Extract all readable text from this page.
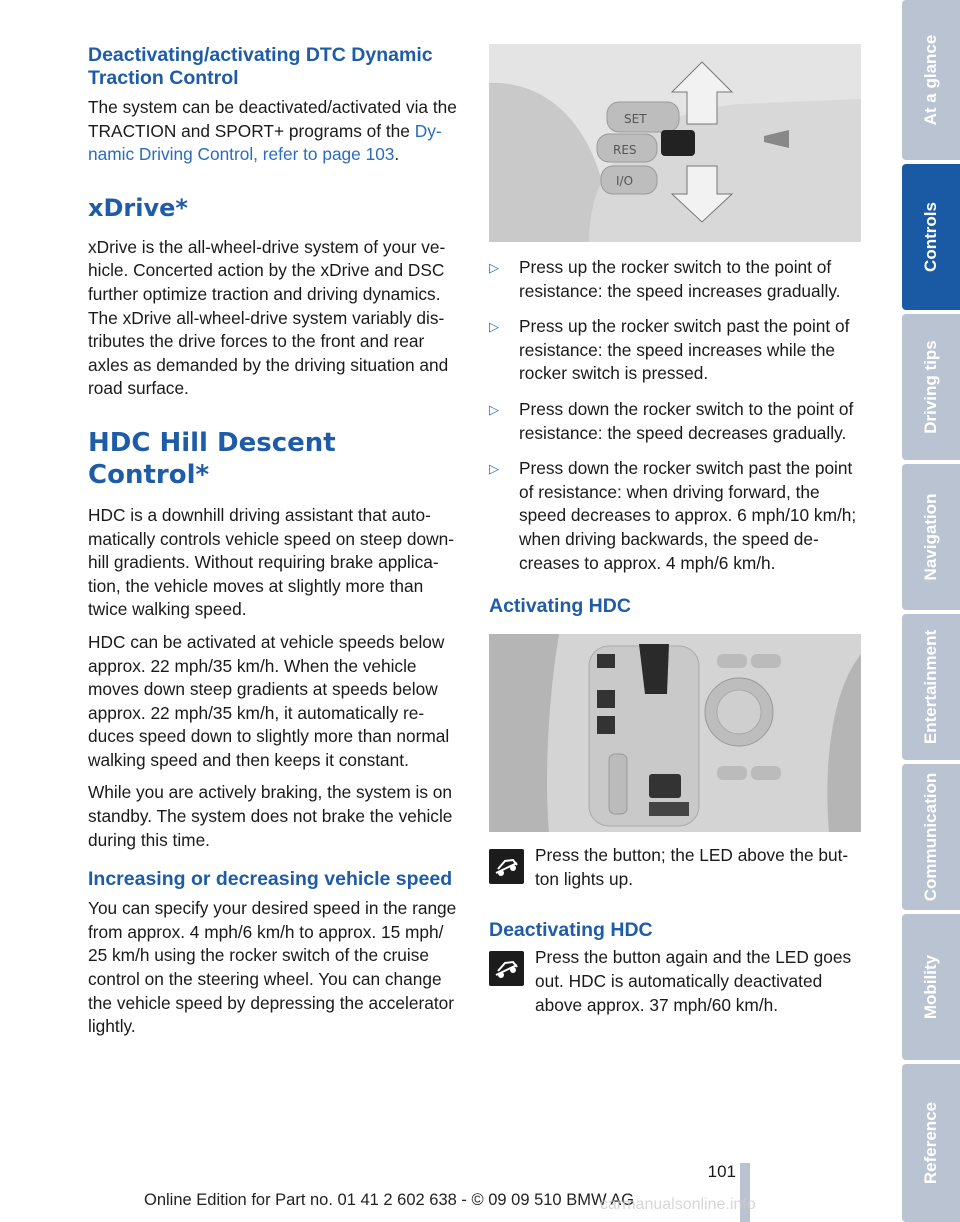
Deactivating/activating DTC Dynamic Traction Control

The system can be deactivated/activated via the TRACTION and SPORT+ programs of the Dy-namic Driving Control, refer to page 103.

xDrive*

xDrive is the all-wheel-drive system of your ve-hicle. Concerted action by the xDrive and DSC further optimize traction and driving dynamics. The xDrive all-wheel-drive system variably dis-tributes the drive forces to the front and rear axles as demanded by the driving situation and road surface.

HDC Hill Descent Control*

HDC is a downhill driving assistant that auto-matically controls vehicle speed on steep down-hill gradients. Without requiring brake applica-tion, the vehicle moves at slightly more than twice walking speed.

HDC can be activated at vehicle speeds below approx. 22 mph/35 km/h. When the vehicle moves down steep gradients at speeds below approx. 22 mph/35 km/h, it automatically re-duces speed down to slightly more than normal walking speed and then keeps it constant.

While you are actively braking, the system is on standby. The system does not brake the vehicle during this time.

Increasing or decreasing vehicle speed

You can specify your desired speed in the range from approx. 4 mph/6 km/h to approx. 15 mph/ 25 km/h using the rocker switch of the cruise control on the steering wheel. You can change the vehicle speed by depressing the accelerator lightly.

SET
RES
I/O
▷ Press up the rocker switch to the point of resistance: the speed increases gradually.
▷ Press up the rocker switch past the point of resistance: the speed increases while the rocker switch is pressed.
▷ Press down the rocker switch to the point of resistance: the speed decreases gradually.
▷ Press down the rocker switch past the point of resistance: when driving forward, the speed decreases to approx. 6 mph/10 km/h; when driving backwards, the speed de-creases to approx. 4 mph/6 km/h.
Activating HDC

Press the button; the LED above the but-ton lights up.

Deactivating HDC

Press the button again and the LED goes out. HDC is automatically deactivated above approx. 37 mph/60 km/h.

At a glance
Controls
Driving tips
Navigation
Entertainment
Communication
Mobility
Reference
101
Online Edition for Part no. 01 41 2 602 638 - © 09 09 510 BMW AG
carmanualsonline.info
